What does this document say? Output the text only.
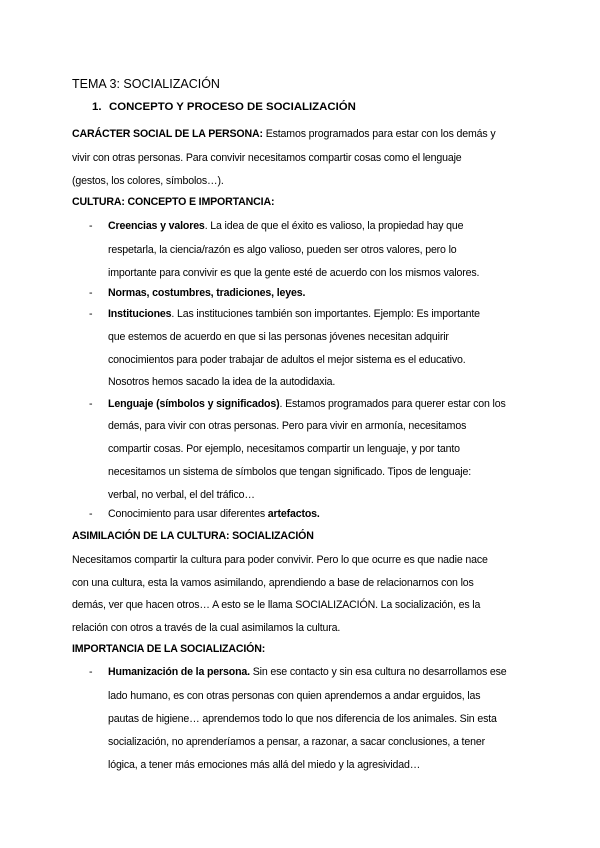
TEMA 3: SOCIALIZACIÓN
1. CONCEPTO Y PROCESO DE SOCIALIZACIÓN
CARÁCTER SOCIAL DE LA PERSONA: Estamos programados para estar con los demás y
vivir con otras personas. Para convivir necesitamos compartir cosas como el lenguaje
(gestos, los colores, símbolos…).
CULTURA: CONCEPTO E IMPORTANCIA:
- Creencias y valores. La idea de que el éxito es valioso, la propiedad hay que
respetarla, la ciencia/razón es algo valioso, pueden ser otros valores, pero lo
importante para convivir es que la gente esté de acuerdo con los mismos valores.
- Normas, costumbres, tradiciones, leyes.
- Instituciones. Las instituciones también son importantes. Ejemplo: Es importante
que estemos de acuerdo en que si las personas jóvenes necesitan adquirir
conocimientos para poder trabajar de adultos el mejor sistema es el educativo.
Nosotros hemos sacado la idea de la autodidaxia.
- Lenguaje (símbolos y significados). Estamos programados para querer estar con los
demás, para vivir con otras personas. Pero para vivir en armonía, necesitamos
compartir cosas. Por ejemplo, necesitamos compartir un lenguaje, y por tanto
necesitamos un sistema de símbolos que tengan significado. Tipos de lenguaje:
verbal, no verbal, el del tráfico…
- Conocimiento para usar diferentes artefactos.
ASIMILACIÓN DE LA CULTURA: SOCIALIZACIÓN
Necesitamos compartir la cultura para poder convivir. Pero lo que ocurre es que nadie nace
con una cultura, esta la vamos asimilando, aprendiendo a base de relacionarnos con los
demás, ver que hacen otros… A esto se le llama SOCIALIZACIÓN. La socialización, es la
relación con otros a través de la cual asimilamos la cultura.
IMPORTANCIA DE LA SOCIALIZACIÓN:
- Humanización de la persona. Sin ese contacto y sin esa cultura no desarrollamos ese
lado humano, es con otras personas con quien aprendemos a andar erguidos, las
pautas de higiene… aprendemos todo lo que nos diferencia de los animales. Sin esta
socialización, no aprenderíamos a pensar, a razonar, a sacar conclusiones, a tener
lógica, a tener más emociones más allá del miedo y la agresividad…
